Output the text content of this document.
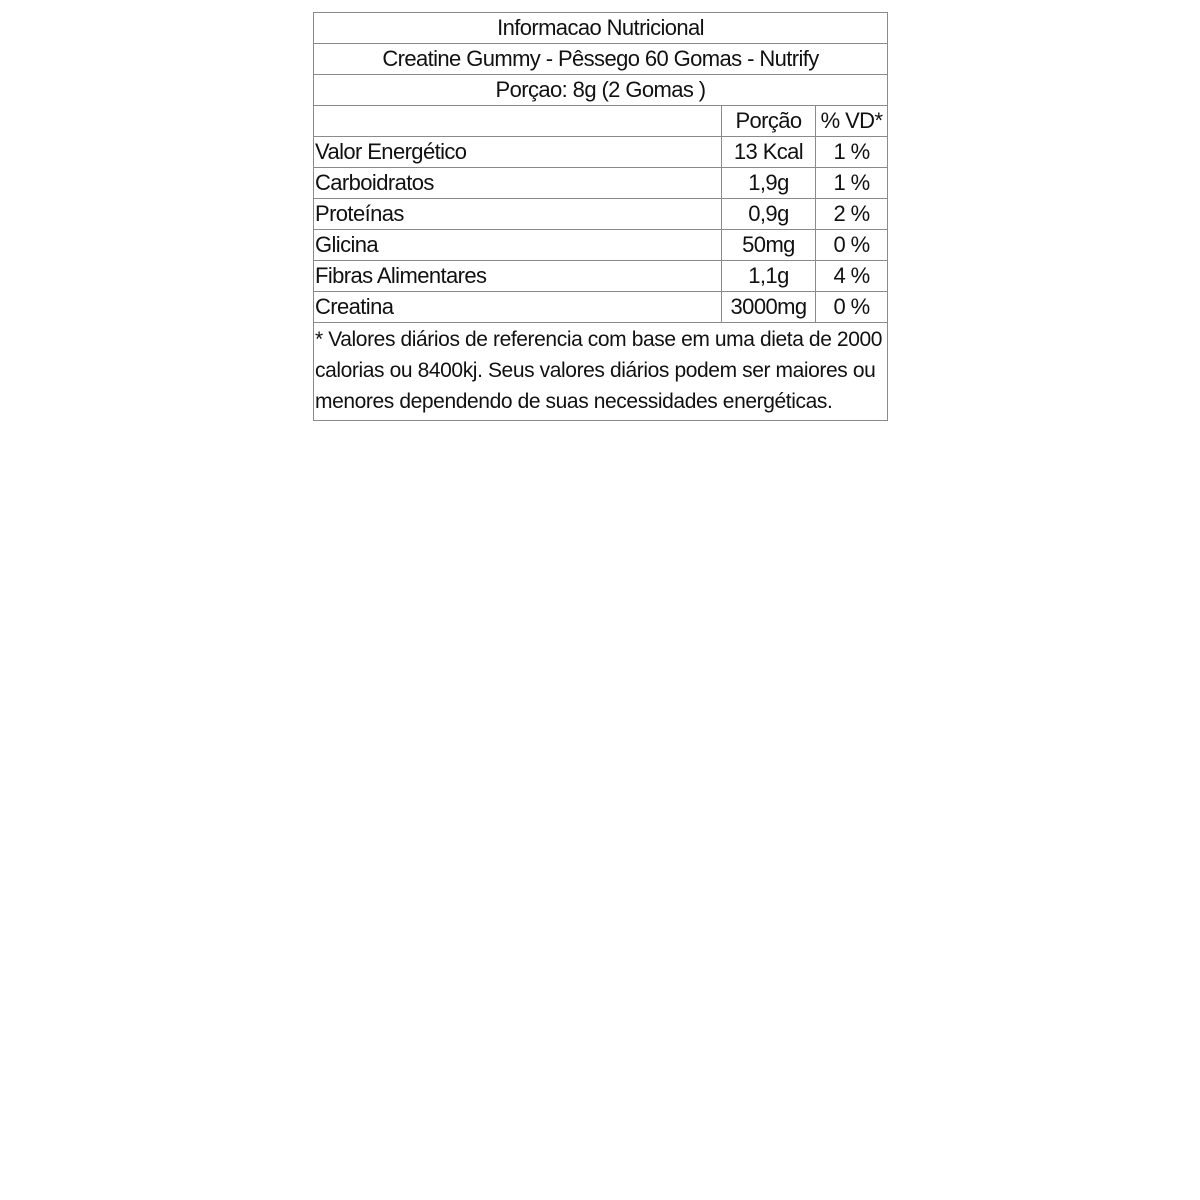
Informacao Nutricional		
Creatine Gummy - Pêssego 60 Gomas - Nutrify		
Porçao: 8g (2 Gomas )		
	Porção	% VD*
Valor Energético	13 Kcal	1 %
Carboidratos	1,9g	1 %
Proteínas	0,9g	2 %
Glicina	50mg	0 %
Fibras Alimentares	1,1g	4 %
Creatina	3000mg	0 %
* Valores diários de referencia com base em uma dieta de 2000 calorias ou 8400kj. Seus valores diários podem ser maiores ou menores dependendo de suas necessidades energéticas.		
